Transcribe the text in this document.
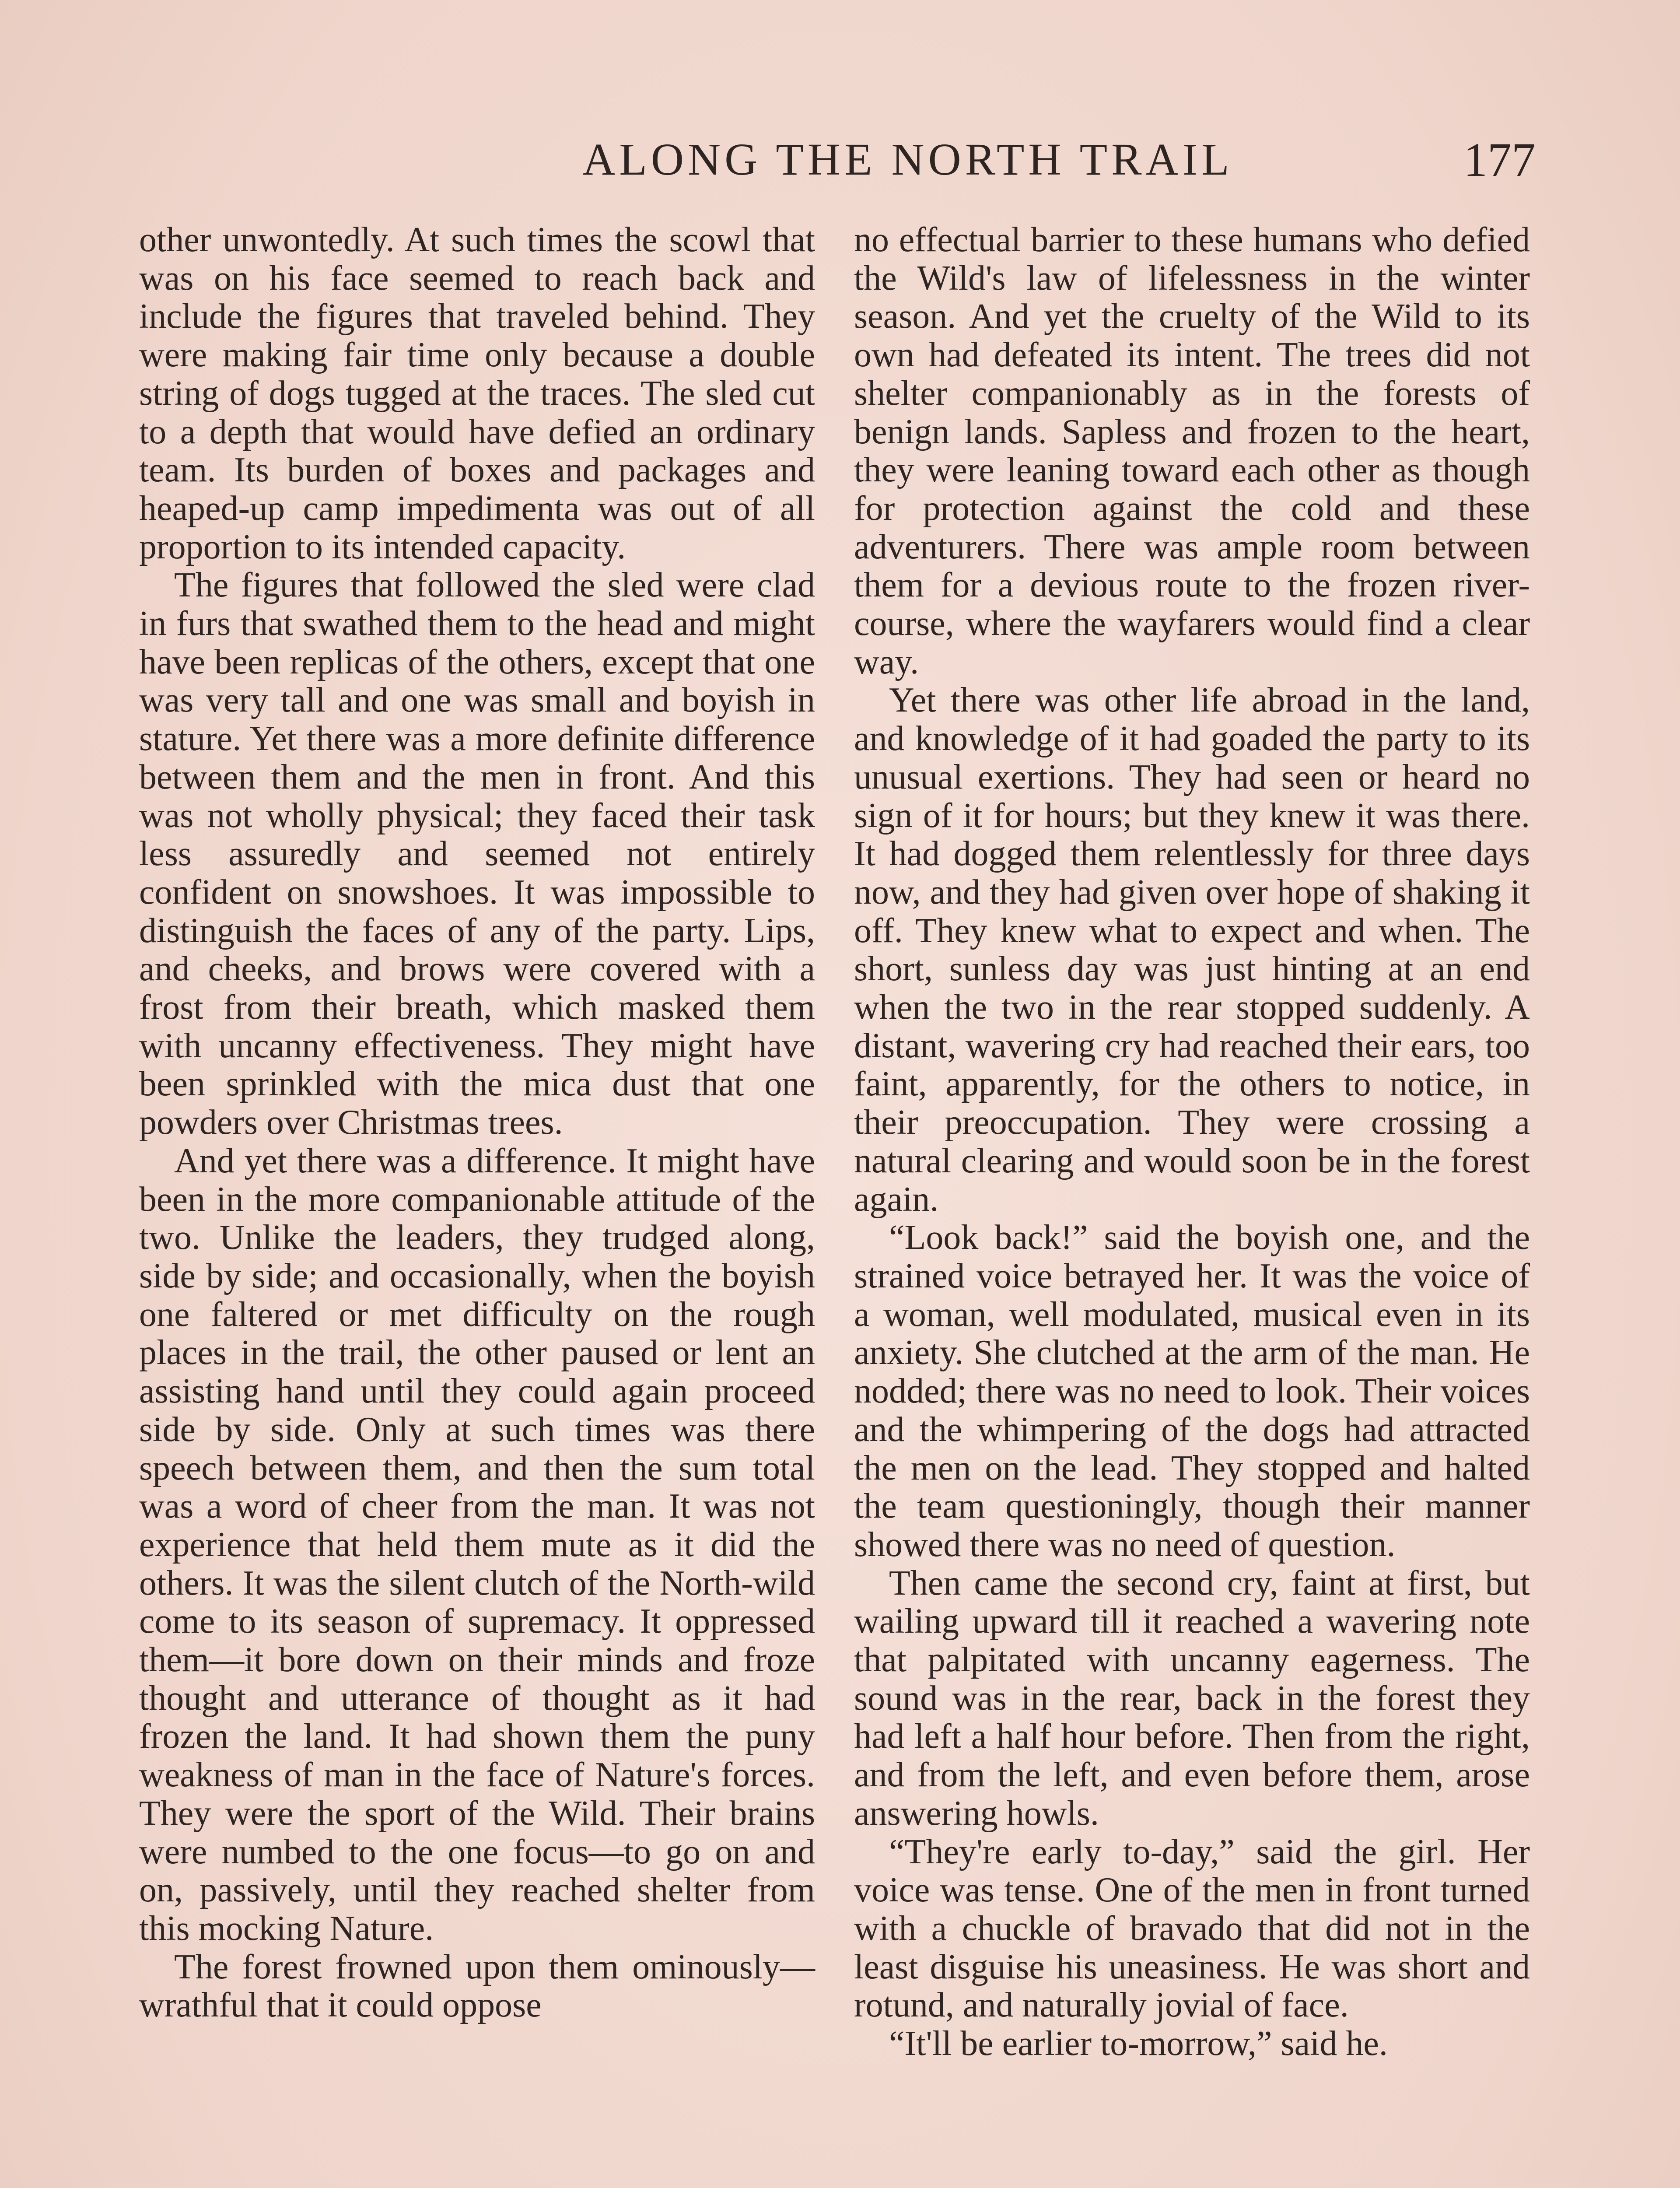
ALONG THE NORTH TRAIL	177

other unwontedly. At such times the scowl that was on his face seemed to reach back and include the figures that traveled behind. They were making fair time only because a double string of dogs tugged at the traces. The sled cut to a depth that would have defied an ordinary team. Its burden of boxes and packages and heaped-up camp impedimenta was out of all proportion to its intended capacity.

The figures that followed the sled were clad in furs that swathed them to the head and might have been replicas of the others, except that one was very tall and one was small and boyish in stature. Yet there was a more definite difference between them and the men in front. And this was not wholly physical; they faced their task less assuredly and seemed not entirely confident on snowshoes. It was impossible to distinguish the faces of any of the party. Lips, and cheeks, and brows were covered with a frost from their breath, which masked them with uncanny effectiveness. They might have been sprinkled with the mica dust that one powders over Christmas trees.

And yet there was a difference. It might have been in the more companionable attitude of the two. Unlike the leaders, they trudged along, side by side; and occasionally, when the boyish one faltered or met difficulty on the rough places in the trail, the other paused or lent an assisting hand until they could again proceed side by side. Only at such times was there speech between them, and then the sum total was a word of cheer from the man. It was not experience that held them mute as it did the others. It was the silent clutch of the North-wild come to its season of supremacy. It oppressed them—it bore down on their minds and froze thought and utterance of thought as it had frozen the land. It had shown them the puny weakness of man in the face of Nature's forces. They were the sport of the Wild. Their brains were numbed to the one focus—to go on and on, passively, until they reached shelter from this mocking Nature.

The forest frowned upon them ominously—wrathful that it could oppose

no effectual barrier to these humans who defied the Wild's law of lifelessness in the winter season. And yet the cruelty of the Wild to its own had defeated its intent. The trees did not shelter companionably as in the forests of benign lands. Sapless and frozen to the heart, they were leaning toward each other as though for protection against the cold and these adventurers. There was ample room between them for a devious route to the frozen river-course, where the wayfarers would find a clear way.

Yet there was other life abroad in the land, and knowledge of it had goaded the party to its unusual exertions. They had seen or heard no sign of it for hours; but they knew it was there. It had dogged them relentlessly for three days now, and they had given over hope of shaking it off. They knew what to expect and when. The short, sunless day was just hinting at an end when the two in the rear stopped suddenly. A distant, wavering cry had reached their ears, too faint, apparently, for the others to notice, in their preoccupation. They were crossing a natural clearing and would soon be in the forest again.

“Look back!” said the boyish one, and the strained voice betrayed her. It was the voice of a woman, well modulated, musical even in its anxiety. She clutched at the arm of the man. He nodded; there was no need to look. Their voices and the whimpering of the dogs had attracted the men on the lead. They stopped and halted the team questioningly, though their manner showed there was no need of question.

Then came the second cry, faint at first, but wailing upward till it reached a wavering note that palpitated with uncanny eagerness. The sound was in the rear, back in the forest they had left a half hour before. Then from the right, and from the left, and even before them, arose answering howls.

“They're early to-day,” said the girl. Her voice was tense. One of the men in front turned with a chuckle of bravado that did not in the least disguise his uneasiness. He was short and rotund, and naturally jovial of face.

“It'll be earlier to-morrow,” said he.
